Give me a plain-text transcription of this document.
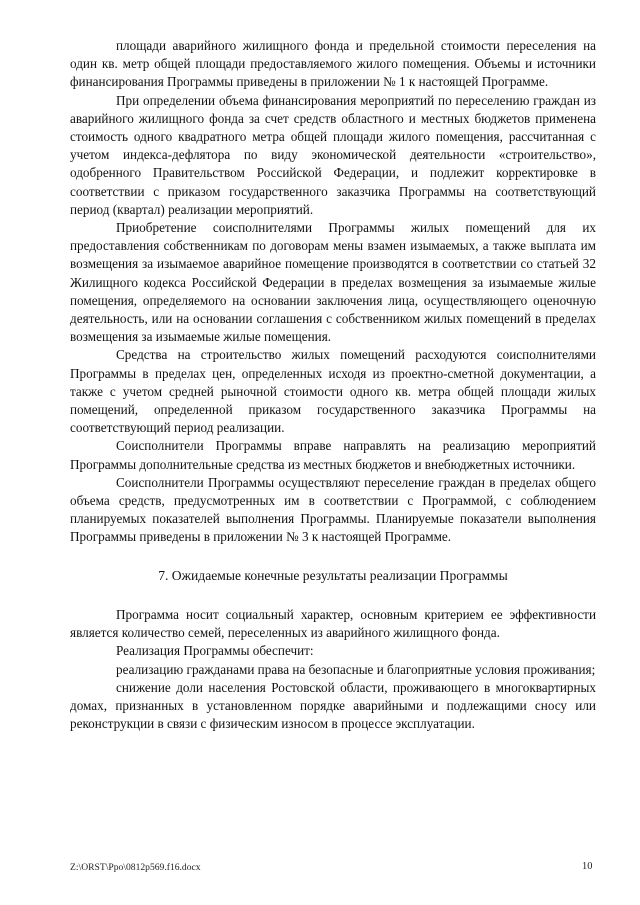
площади аварийного жилищного фонда и предельной стоимости переселения на один кв. метр общей площади предоставляемого жилого помещения. Объемы и источники финансирования Программы приведены в приложении № 1 к настоящей Программе.

При определении объема финансирования мероприятий по переселению граждан из аварийного жилищного фонда за счет средств областного и местных бюджетов применена стоимость одного квадратного метра общей площади жилого помещения, рассчитанная с учетом индекса-дефлятора по виду экономической деятельности «строительство», одобренного Правительством Российской Федерации, и подлежит корректировке в соответствии с приказом государственного заказчика Программы на соответствующий период (квартал) реализации мероприятий.

Приобретение соисполнителями Программы жилых помещений для их предоставления собственникам по договорам мены взамен изымаемых, а также выплата им возмещения за изымаемое аварийное помещение производятся в соответствии со статьей 32 Жилищного кодекса Российской Федерации в пределах возмещения за изымаемые жилые помещения, определяемого на основании заключения лица, осуществляющего оценочную деятельность, или на основании соглашения с собственником жилых помещений в пределах возмещения за изымаемые жилые помещения.

Средства на строительство жилых помещений расходуются соисполнителями Программы в пределах цен, определенных исходя из проектно-сметной документации, а также с учетом средней рыночной стоимости одного кв. метра общей площади жилых помещений, определенной приказом государственного заказчика Программы на соответствующий период реализации.

Соисполнители Программы вправе направлять на реализацию мероприятий Программы дополнительные средства из местных бюджетов и внебюджетных источники.

Соисполнители Программы осуществляют переселение граждан в пределах общего объема средств, предусмотренных им в соответствии с Программой, с соблюдением планируемых показателей выполнения Программы. Планируемые показатели выполнения Программы приведены в приложении № 3 к настоящей Программе.

7. Ожидаемые конечные результаты реализации Программы

Программа носит социальный характер, основным критерием ее эффективности является количество семей, переселенных из аварийного жилищного фонда.

Реализация Программы обеспечит:

реализацию гражданами права на безопасные и благоприятные условия проживания;

снижение доли населения Ростовской области, проживающего в многоквартирных домах, признанных в установленном порядке аварийными и подлежащими сносу или реконструкции в связи с физическим износом в процессе эксплуатации.

Z:\ORST\Ppo\0812p569.f16.docx	10
